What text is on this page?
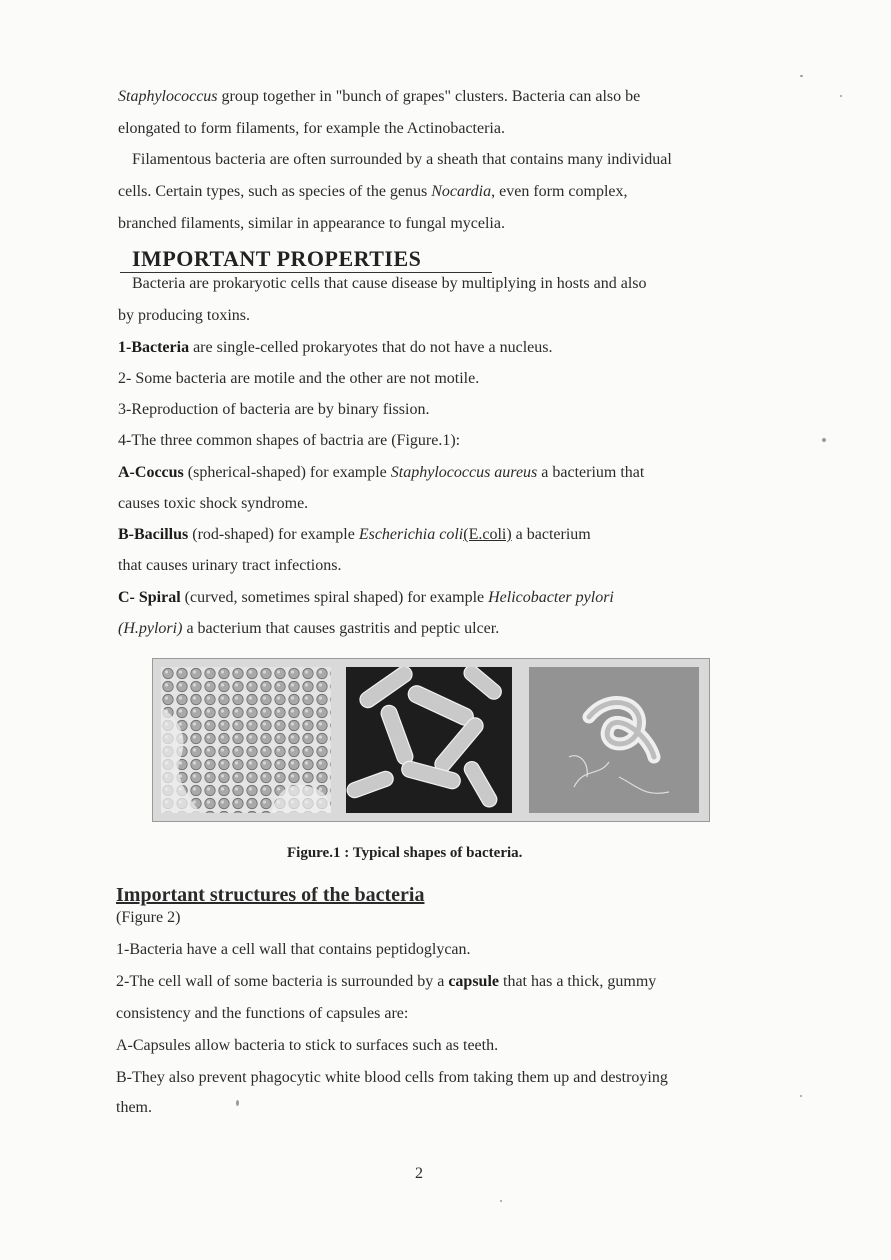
Staphylococcus group together in "bunch of grapes" clusters. Bacteria can also be
elongated to form filaments, for example the Actinobacteria.
Filamentous bacteria are often surrounded by a sheath that contains many individual
cells. Certain types, such as species of the genus Nocardia, even form complex,
branched filaments, similar in appearance to fungal mycelia.
IMPORTANT PROPERTIES
Bacteria are prokaryotic cells that cause disease by multiplying in hosts and also
by producing toxins.
1-Bacteria are single-celled prokaryotes that do not have a nucleus.
2- Some bacteria are motile and the other are not motile.
3-Reproduction of bacteria are by binary fission.
4-The three common shapes of bactria are (Figure.1):
A-Coccus (spherical-shaped) for example Staphylococcus aureus a bacterium that
causes toxic shock syndrome.
B-Bacillus (rod-shaped) for example Escherichia coli(E.coli) a bacterium
that causes urinary tract infections.
C- Spiral (curved, sometimes spiral shaped) for example Helicobacter pylori
(H.pylori) a bacterium that causes gastritis and peptic ulcer.
Figure.1 : Typical shapes of bacteria.
Important structures of the bacteria
(Figure 2)
1-Bacteria have a cell wall that contains peptidoglycan.
2-The cell wall of some bacteria is surrounded by a capsule that has a thick, gummy
consistency and the functions of capsules are:
A-Capsules allow bacteria to stick to surfaces such as teeth.
B-They also prevent phagocytic white blood cells from taking them up and destroying
them.
2
